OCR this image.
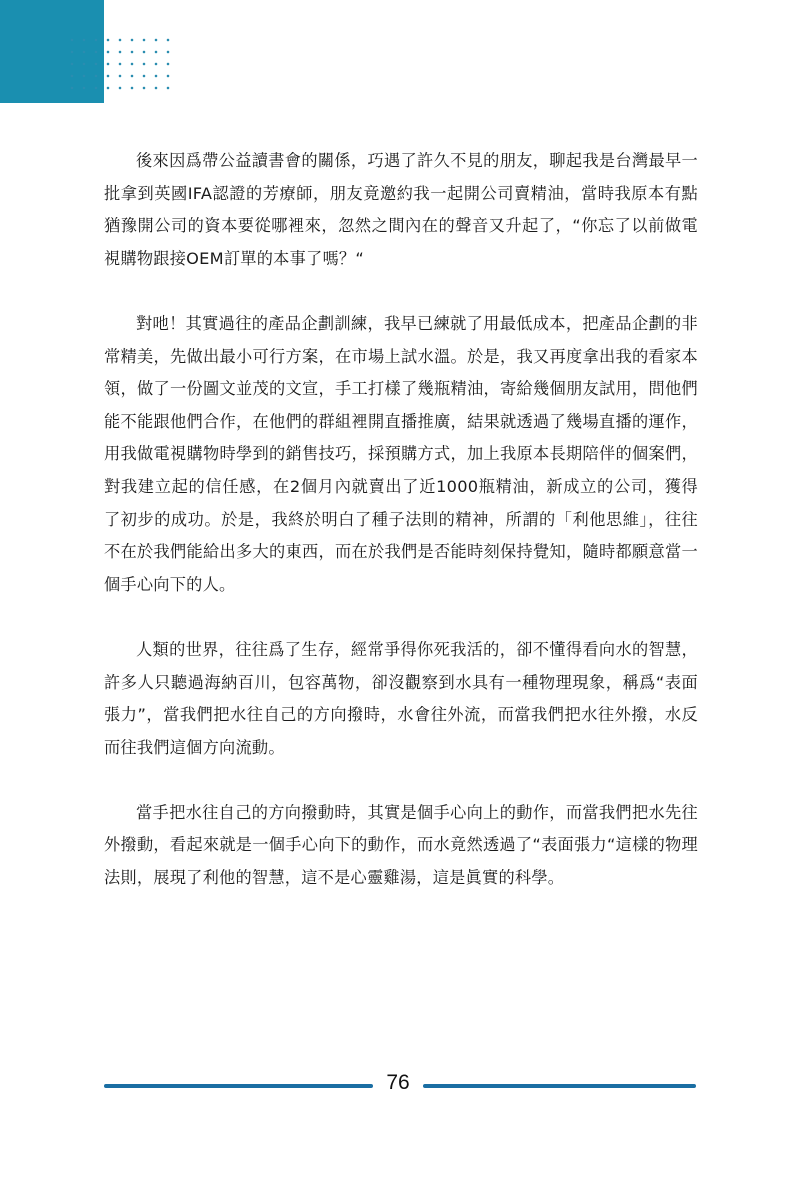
後來因爲帶公益讀書會的關係，巧遇了許久不見的朋友，聊起我是台灣最早一批拿到英國IFA認證的芳療師，朋友竟邀約我一起開公司賣精油，當時我原本有點猶豫開公司的資本要從哪裡來，忽然之間內在的聲音又升起了，“你忘了以前做電視購物跟接OEM訂單的本事了嗎？“

對吔！其實過往的產品企劃訓練，我早已練就了用最低成本，把產品企劃的非常精美，先做出最小可行方案，在市場上試水溫。於是，我又再度拿出我的看家本領，做了一份圖文並茂的文宣，手工打樣了幾瓶精油，寄給幾個朋友試用，問他們能不能跟他們合作，在他們的群組裡開直播推廣，結果就透過了幾場直播的運作，用我做電視購物時學到的銷售技巧，採預購方式，加上我原本長期陪伴的個案們，對我建立起的信任感，在2個月內就賣出了近1000瓶精油，新成立的公司，獲得了初步的成功。於是，我終於明白了種子法則的精神，所謂的「利他思維」，往往不在於我們能給出多大的東西，而在於我們是否能時刻保持覺知，隨時都願意當一個手心向下的人。

人類的世界，往往爲了生存，經常爭得你死我活的，卻不懂得看向水的智慧，許多人只聽過海納百川，包容萬物，卻沒觀察到水具有一種物理現象，稱爲“表面張力”，當我們把水往自己的方向撥時，水會往外流，而當我們把水往外撥，水反而往我們這個方向流動。

當手把水往自己的方向撥動時，其實是個手心向上的動作，而當我們把水先往外撥動，看起來就是一個手心向下的動作，而水竟然透過了“表面張力“這樣的物理法則，展現了利他的智慧，這不是心靈雞湯，這是眞實的科學。

76
